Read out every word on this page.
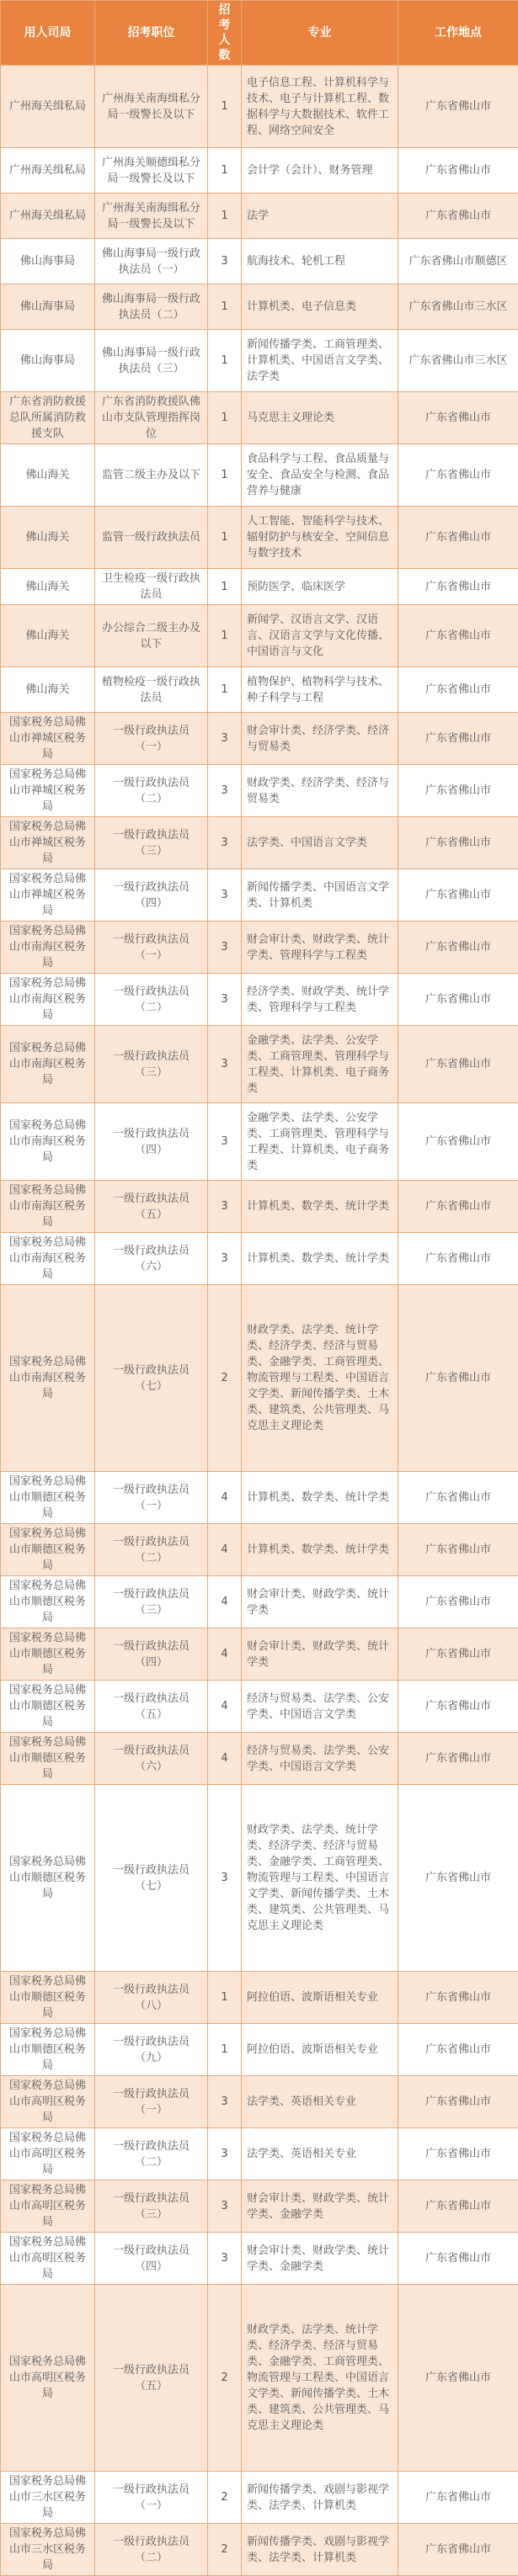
用人司局	招考职位	招考人数	专业	工作地点
广州海关缉私局	广州海关南海缉私分局一级警长及以下	1	电子信息工程、计算机科学与技术、电子与计算机工程、数据科学与大数据技术、软件工程、网络空间安全	广东省佛山市
广州海关缉私局	广州海关顺德缉私分局一级警长及以下	1	会计学（会计）、财务管理	广东省佛山市
广州海关缉私局	广州海关南海缉私分局一级警长及以下	1	法学	广东省佛山市
佛山海事局	佛山海事局一级行政执法员（一）	3	航海技术、轮机工程	广东省佛山市顺德区
佛山海事局	佛山海事局一级行政执法员（二）	1	计算机类、电子信息类	广东省佛山市三水区
佛山海事局	佛山海事局一级行政执法员（三）	1	新闻传播学类、工商管理类、计算机类、中国语言文学类、法学类	广东省佛山市三水区
广东省消防救援总队所属消防救援支队	广东省消防救援队佛山市支队管理指挥岗位	1	马克思主义理论类	广东省佛山市
佛山海关	监管二级主办及以下	1	食品科学与工程、食品质量与安全、食品安全与检测、食品营养与健康	广东省佛山市
佛山海关	监管一级行政执法员	1	人工智能、智能科学与技术、辐射防护与核安全、空间信息与数字技术	广东省佛山市
佛山海关	卫生检疫一级行政执法员	1	预防医学、临床医学	广东省佛山市
佛山海关	办公综合二级主办及以下	1	新闻学、汉语言文学、汉语言、汉语言文学与文化传播、中国语言与文化	广东省佛山市
佛山海关	植物检疫一级行政执法员	1	植物保护、植物科学与技术、种子科学与工程	广东省佛山市
国家税务总局佛山市禅城区税务局	一级行政执法员（一）	3	财会审计类、经济学类、经济与贸易类	广东省佛山市
国家税务总局佛山市禅城区税务局	一级行政执法员（二）	3	财政学类、经济学类、经济与贸易类	广东省佛山市
国家税务总局佛山市禅城区税务局	一级行政执法员（三）	3	法学类、中国语言文学类	广东省佛山市
国家税务总局佛山市禅城区税务局	一级行政执法员（四）	3	新闻传播学类、中国语言文学类、计算机类	广东省佛山市
国家税务总局佛山市南海区税务局	一级行政执法员（一）	3	财会审计类、财政学类、统计学类、管理科学与工程类	广东省佛山市
国家税务总局佛山市南海区税务局	一级行政执法员（二）	3	经济学类、财政学类、统计学类、管理科学与工程类	广东省佛山市
国家税务总局佛山市南海区税务局	一级行政执法员（三）	3	金融学类、法学类、公安学类、工商管理类、管理科学与工程类、计算机类、电子商务类	广东省佛山市
国家税务总局佛山市南海区税务局	一级行政执法员（四）	3	金融学类、法学类、公安学类、工商管理类、管理科学与工程类、计算机类、电子商务类	广东省佛山市
国家税务总局佛山市南海区税务局	一级行政执法员（五）	3	计算机类、数学类、统计学类	广东省佛山市
国家税务总局佛山市南海区税务局	一级行政执法员（六）	3	计算机类、数学类、统计学类	广东省佛山市
国家税务总局佛山市南海区税务局	一级行政执法员（七）	2	财政学类、法学类、统计学类、经济学类、经济与贸易类、金融学类、工商管理类、物流管理与工程类、中国语言文学类、新闻传播学类、土木类、建筑类、公共管理类、马克思主义理论类	广东省佛山市
国家税务总局佛山市顺德区税务局	一级行政执法员（一）	4	计算机类、数学类、统计学类	广东省佛山市
国家税务总局佛山市顺德区税务局	一级行政执法员（二）	4	计算机类、数学类、统计学类	广东省佛山市
国家税务总局佛山市顺德区税务局	一级行政执法员（三）	4	财会审计类、财政学类、统计学类	广东省佛山市
国家税务总局佛山市顺德区税务局	一级行政执法员（四）	4	财会审计类、财政学类、统计学类	广东省佛山市
国家税务总局佛山市顺德区税务局	一级行政执法员（五）	4	经济与贸易类、法学类、公安学类、中国语言文学类	广东省佛山市
国家税务总局佛山市顺德区税务局	一级行政执法员（六）	4	经济与贸易类、法学类、公安学类、中国语言文学类	广东省佛山市
国家税务总局佛山市顺德区税务局	一级行政执法员（七）	3	财政学类、法学类、统计学类、经济学类、经济与贸易类、金融学类、工商管理类、物流管理与工程类、中国语言文学类、新闻传播学类、土木类、建筑类、公共管理类、马克思主义理论类	广东省佛山市
国家税务总局佛山市顺德区税务局	一级行政执法员（八）	1	阿拉伯语、波斯语相关专业	广东省佛山市
国家税务总局佛山市顺德区税务局	一级行政执法员（九）	1	阿拉伯语、波斯语相关专业	广东省佛山市
国家税务总局佛山市高明区税务局	一级行政执法员（一）	3	法学类、英语相关专业	广东省佛山市
国家税务总局佛山市高明区税务局	一级行政执法员（二）	3	法学类、英语相关专业	广东省佛山市
国家税务总局佛山市高明区税务局	一级行政执法员（三）	3	财会审计类、财政学类、统计学类、金融学类	广东省佛山市
国家税务总局佛山市高明区税务局	一级行政执法员（四）	3	财会审计类、财政学类、统计学类、金融学类	广东省佛山市
国家税务总局佛山市高明区税务局	一级行政执法员（五）	2	财政学类、法学类、统计学类、经济学类、经济与贸易类、金融学类、工商管理类、物流管理与工程类、中国语言文学类、新闻传播学类、土木类、建筑类、公共管理类、马克思主义理论类	广东省佛山市
国家税务总局佛山市三水区税务局	一级行政执法员（一）	2	新闻传播学类、戏剧与影视学类、法学类、计算机类	广东省佛山市
国家税务总局佛山市三水区税务局	一级行政执法员（二）	2	新闻传播学类、戏剧与影视学类、法学类、计算机类	广东省佛山市
